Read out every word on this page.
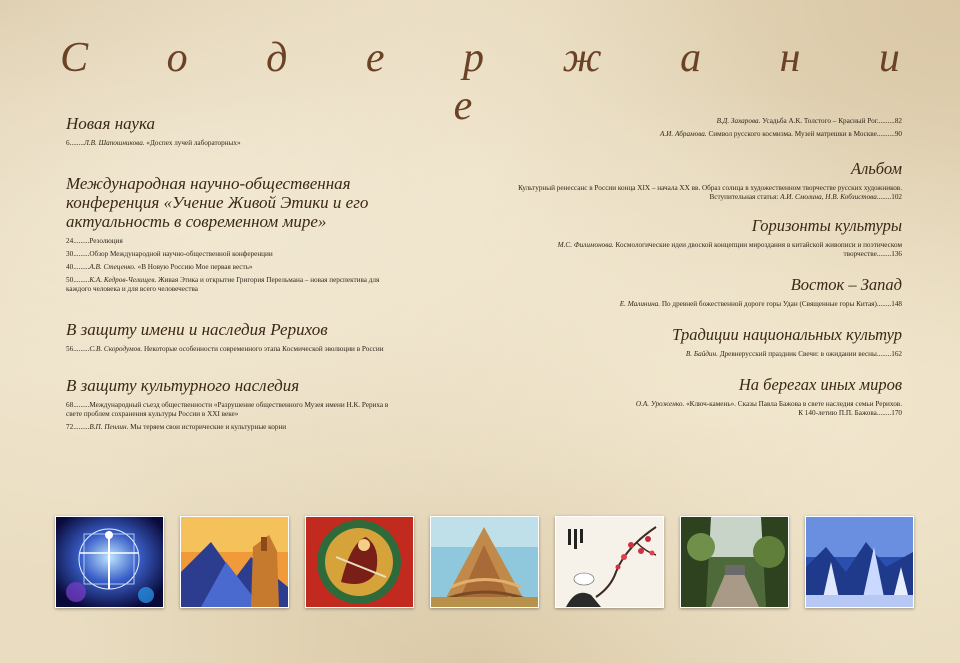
С о д е р ж а н и е
Новая наука
6........Л.В. Шапошникова. «Доспех лучей лабораторных»
Международная научно-общественная конференция «Учение Живой Этики и его актуальность в современном мире»
24.........Резолюция
30.........Обзор Международной научно-общественной конференции
40.........А.В. Стеценко. «В Новую Россию Мое первая весть»
50.........К.А. Кедров-Челищев. Живая Этика и открытие Григория Перельмана – новая перспектива для каждого человека и для всего человечества
В защиту имени и наследия Рерихов
56.........С.В. Скородумов. Некоторые особенности современного этапа Космической эволюции в России
В защиту культурного наследия
68.........Международный съезд общественности «Разрушение общественного Музея имени Н.К. Рериха в свете проблем сохранения культуры России в XXI веке»
72.........В.П. Пенлин. Мы теряем свои исторические и культурные корни
В.Д. Захарова. Усадьба А.К. Толстого – Красный Рог..........82
А.И. Абрамова. Символ русского космизма. Музей матрешки в Москве..........90
Альбом
Культурный ренессанс в России конца XIX – начала XX вв. Образ солнца в художественном творчестве русских художников.
Вступительная статья: А.И. Смолина, Н.В. Кобзистова........102
Горизонты культуры
М.С. Филимонова. Космологические идеи двоской концепции мироздания в китайской живописи и поэтическом творчестве........136
Восток – Запад
Е. Малинина. По древней божественной дороге горы Удан (Священные горы Китая)........148
Традиции национальных культур
В. Байдин. Древнерусский праздник Свечи: в ожидании весны........162
На берегах иных миров
О.А. Уроженко. «Ключ-камень». Сказы Павла Бажова в свете наследия семьи Рерихов.
К 140-летию П.П. Бажова........170
